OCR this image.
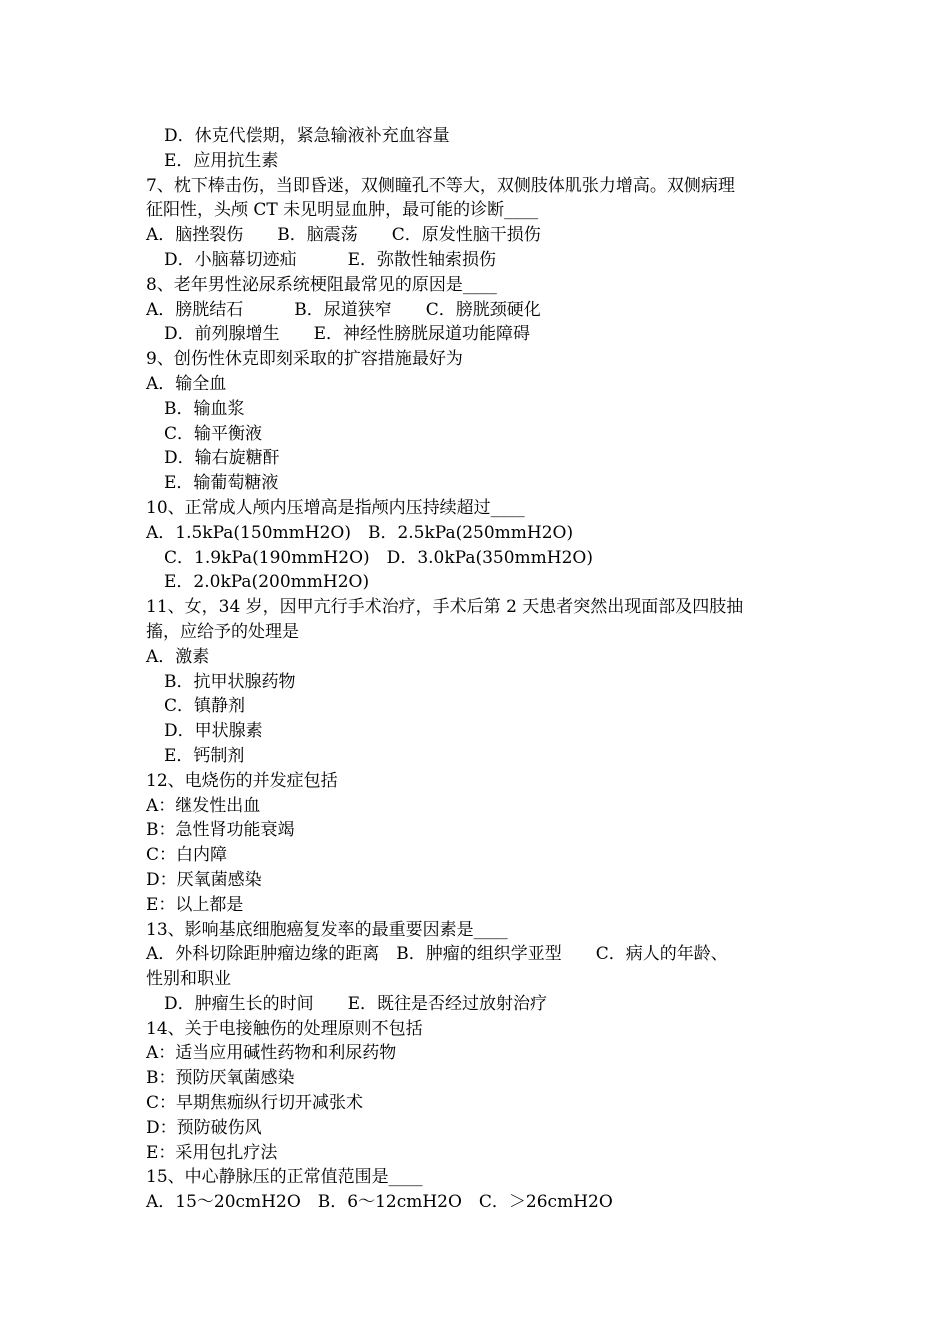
D．休克代偿期，紧急输液补充血容量
E．应用抗生素
7、枕下棒击伤，当即昏迷，双侧瞳孔不等大，双侧肢体肌张力增高。双侧病理
征阳性，头颅 CT 未见明显血肿，最可能的诊断____
A．脑挫裂伤　　B．脑震荡　　C．原发性脑干损伤
D．小脑幕切迹疝　　　E．弥散性轴索损伤
8、老年男性泌尿系统梗阻最常见的原因是____
A．膀胱结石　　　B．尿道狭窄　　C．膀胱颈硬化
D．前列腺增生　　E．神经性膀胱尿道功能障碍
9、创伤性休克即刻采取的扩容措施最好为
A．输全血
B．输血浆
C．输平衡液
D．输右旋糖酐
E．输葡萄糖液
10、正常成人颅内压增高是指颅内压持续超过____
A．1.5kPa(150mmH2O)　B．2.5kPa(250mmH2O)
C．1.9kPa(190mmH2O)　D．3.0kPa(350mmH2O)
E．2.0kPa(200mmH2O)
11、女，34 岁，因甲亢行手术治疗，手术后第 2 天患者突然出现面部及四肢抽
搐，应给予的处理是
A．激素
B．抗甲状腺药物
C．镇静剂
D．甲状腺素
E．钙制剂
12、电烧伤的并发症包括
A：继发性出血
B：急性肾功能衰竭
C：白内障
D：厌氧菌感染
E：以上都是
13、影响基底细胞癌复发率的最重要因素是____
A．外科切除距肿瘤边缘的距离　B．肿瘤的组织学亚型　　C．病人的年龄、
性别和职业
D．肿瘤生长的时间　　E．既往是否经过放射治疗
14、关于电接触伤的处理原则不包括
A：适当应用碱性药物和利尿药物
B：预防厌氧菌感染
C：早期焦痂纵行切开减张术
D：预防破伤风
E：采用包扎疗法
15、中心静脉压的正常值范围是____
A．15～20cmH2O　B．6～12cmH2O　C．＞26cmH2O
